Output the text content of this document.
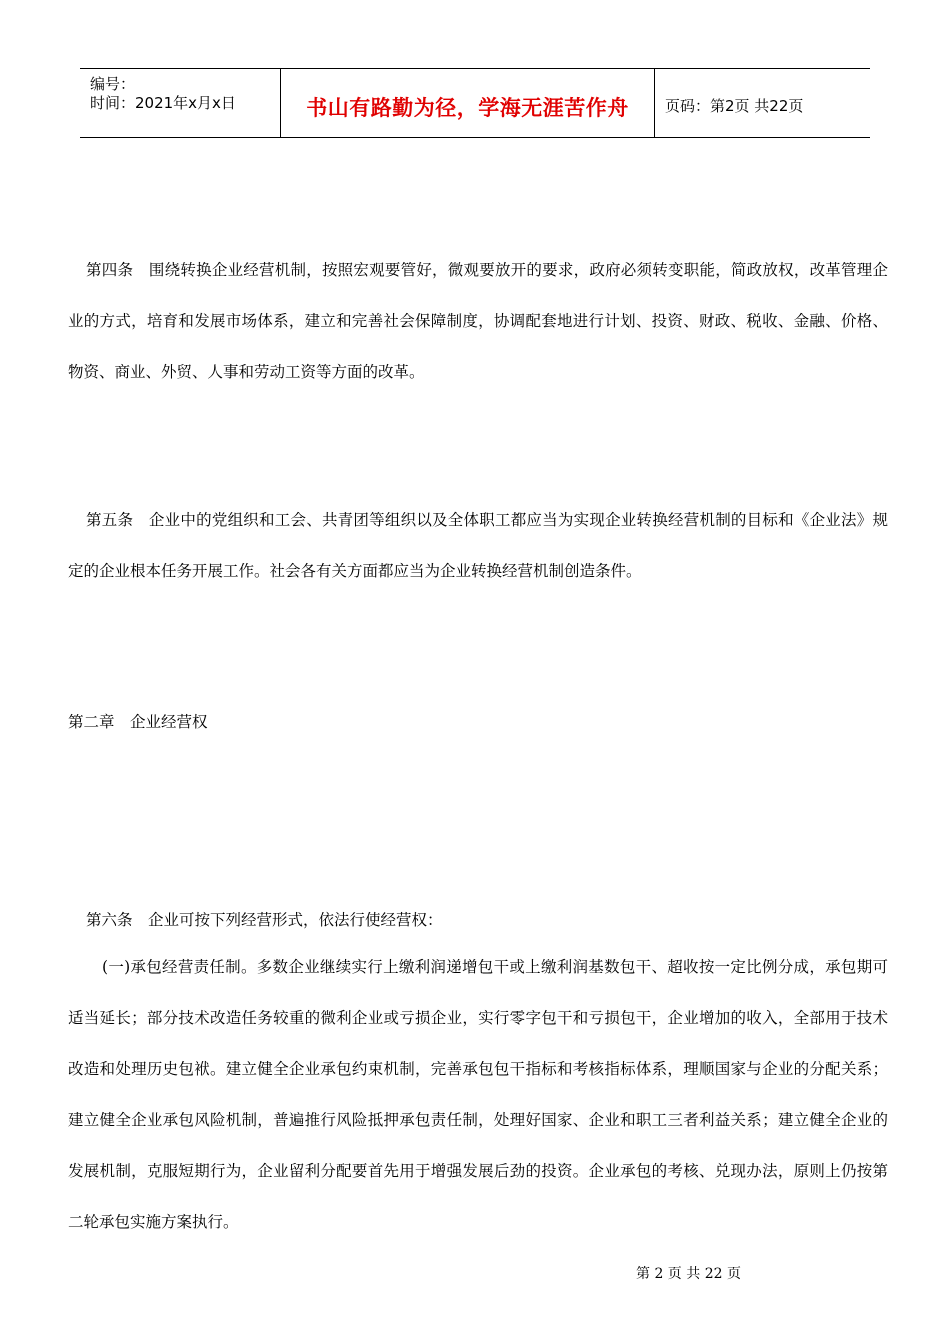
编号：
时间：2021年x月x日	书山有路勤为径，学海无涯苦作舟	页码：第2页 共22页

第四条　围绕转换企业经营机制，按照宏观要管好，微观要放开的要求，政府必须转变职能，简政放权，改革管理企业的方式，培育和发展市场体系，建立和完善社会保障制度，协调配套地进行计划、投资、财政、税收、金融、价格、物资、商业、外贸、人事和劳动工资等方面的改革。

第五条　企业中的党组织和工会、共青团等组织以及全体职工都应当为实现企业转换经营机制的目标和《企业法》规定的企业根本任务开展工作。社会各有关方面都应当为企业转换经营机制创造条件。

第二章　企业经营权

第六条　企业可按下列经营形式，依法行使经营权：

(一)承包经营责任制。多数企业继续实行上缴利润递增包干或上缴利润基数包干、超收按一定比例分成，承包期可适当延长；部分技术改造任务较重的微利企业或亏损企业，实行零字包干和亏损包干，企业增加的收入，全部用于技术改造和处理历史包袱。建立健全企业承包约束机制，完善承包包干指标和考核指标体系，理顺国家与企业的分配关系；建立健全企业承包风险机制，普遍推行风险抵押承包责任制，处理好国家、企业和职工三者利益关系；建立健全企业的发展机制，克服短期行为，企业留利分配要首先用于增强发展后劲的投资。企业承包的考核、兑现办法，原则上仍按第二轮承包实施方案执行。

第 2 页 共 22 页
